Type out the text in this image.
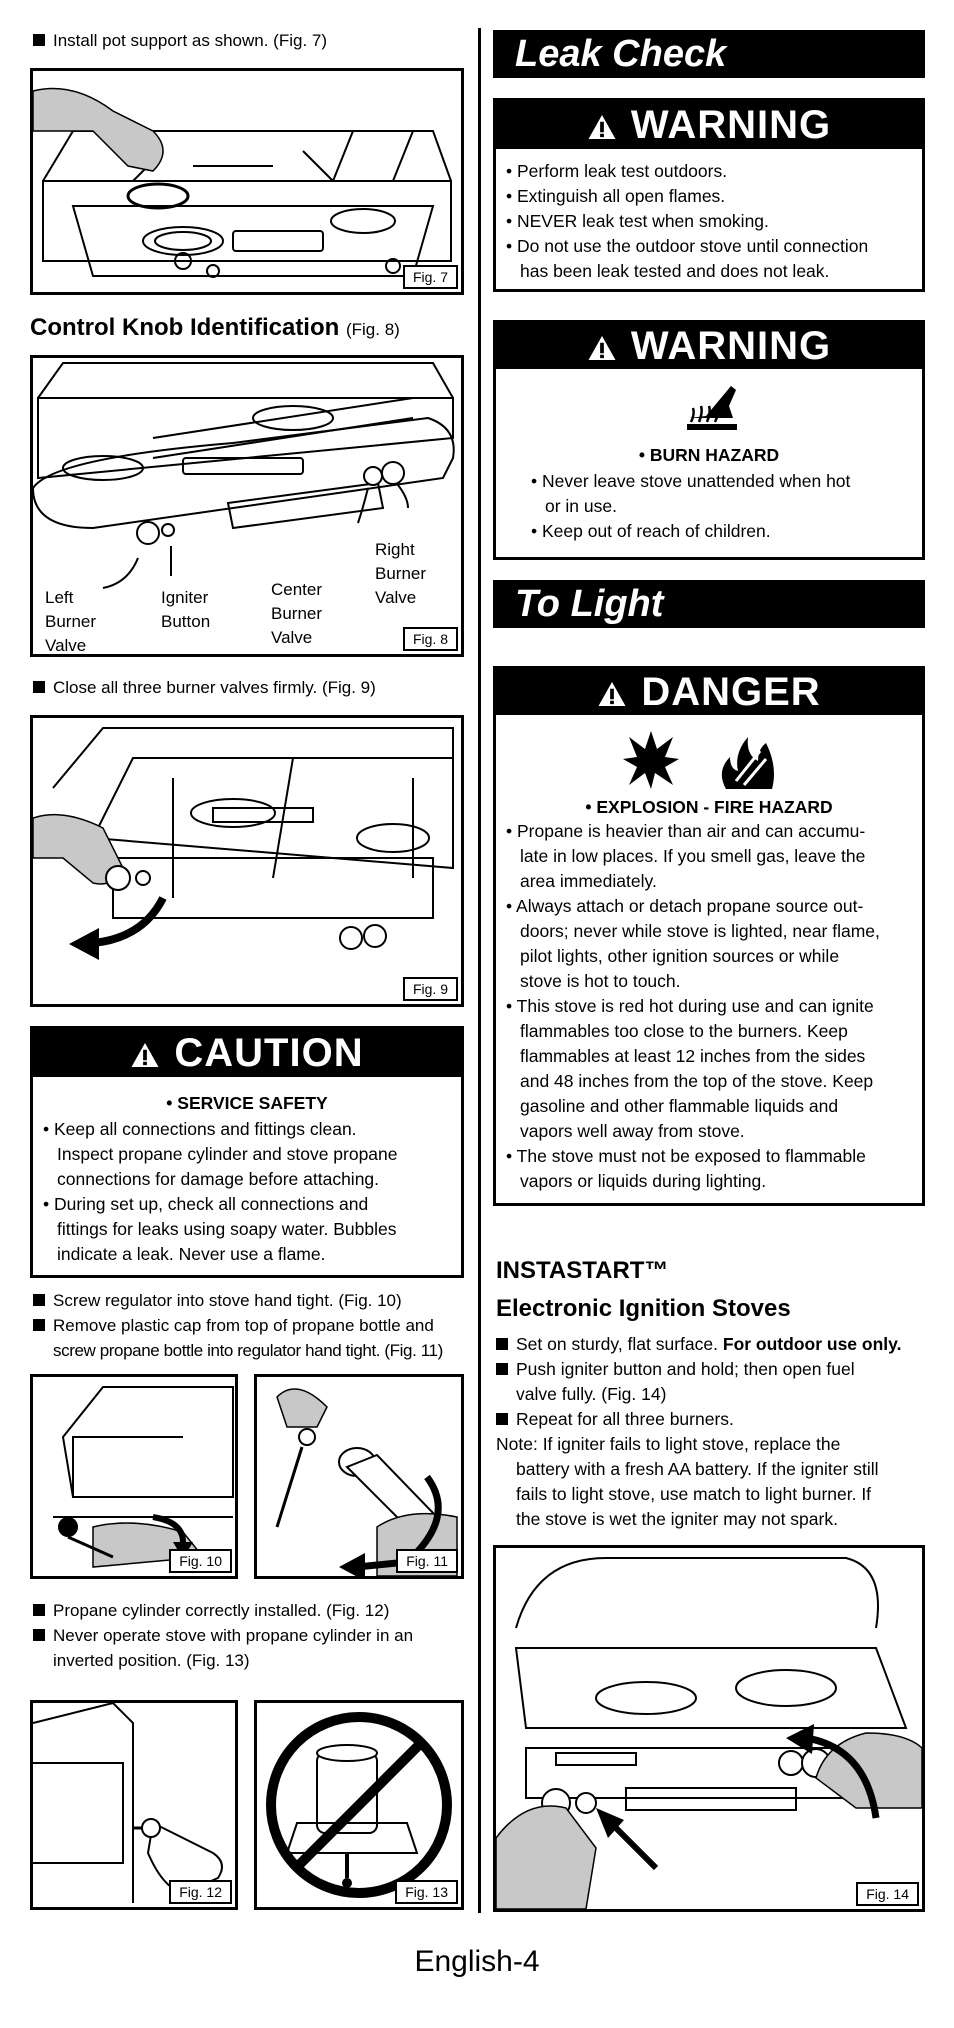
Install pot support as shown. (Fig. 7)
Fig. 7
Control Knob Identification (Fig. 8)
Left
Burner
Valve
Igniter
Button
Center
Burner
Valve
Right
Burner
Valve
Fig. 8
Close all three burner valves firmly. (Fig. 9)
Fig. 9
CAUTION
• SERVICE SAFETY
• Keep all connections and fittings clean.
Inspect propane cylinder and stove propane
connections for damage before attaching.
• During set up, check all connections and
fittings for leaks using soapy water. Bubbles
indicate a leak. Never use a flame.
Screw regulator into stove hand tight. (Fig. 10)
Remove plastic cap from top of propane bottle and
screw propane bottle into regulator hand tight. (Fig. 11)
Fig. 10	Fig. 11
Propane cylinder correctly installed. (Fig. 12)
Never operate stove with propane cylinder in an
inverted position. (Fig. 13)
Fig. 12	Fig. 13
Leak Check
WARNING
• Perform leak test outdoors.
• Extinguish all open flames.
• NEVER leak test when smoking.
• Do not use the outdoor stove until connection
has been leak tested and does not leak.
WARNING
• BURN HAZARD
• Never leave stove unattended when hot
or in use.
• Keep out of reach of children.
To Light
DANGER
• EXPLOSION - FIRE HAZARD
• Propane is heavier than air and can accumu-
late in low places. If you smell gas, leave the
area immediately.
• Always attach or detach propane source out-
doors; never while stove is lighted, near flame,
pilot lights, other ignition sources or while
stove is hot to touch.
• This stove is red hot during use and can ignite
flammables too close to the burners. Keep
flammables at least 12 inches from the sides
and 48 inches from the top of the stove. Keep
gasoline and other flammable liquids and
vapors well away from stove.
• The stove must not be exposed to flammable
vapors or liquids during lighting.
INSTASTART™
Electronic Ignition Stoves
Set on sturdy, flat surface. For outdoor use only.
Push igniter button and hold; then open fuel
valve fully. (Fig. 14)
Repeat for all three burners.
Note: If igniter fails to light stove, replace the
battery with a fresh AA battery. If the igniter still
fails to light stove, use match to light burner. If
the stove is wet the igniter may not spark.
Fig. 14
English-4
